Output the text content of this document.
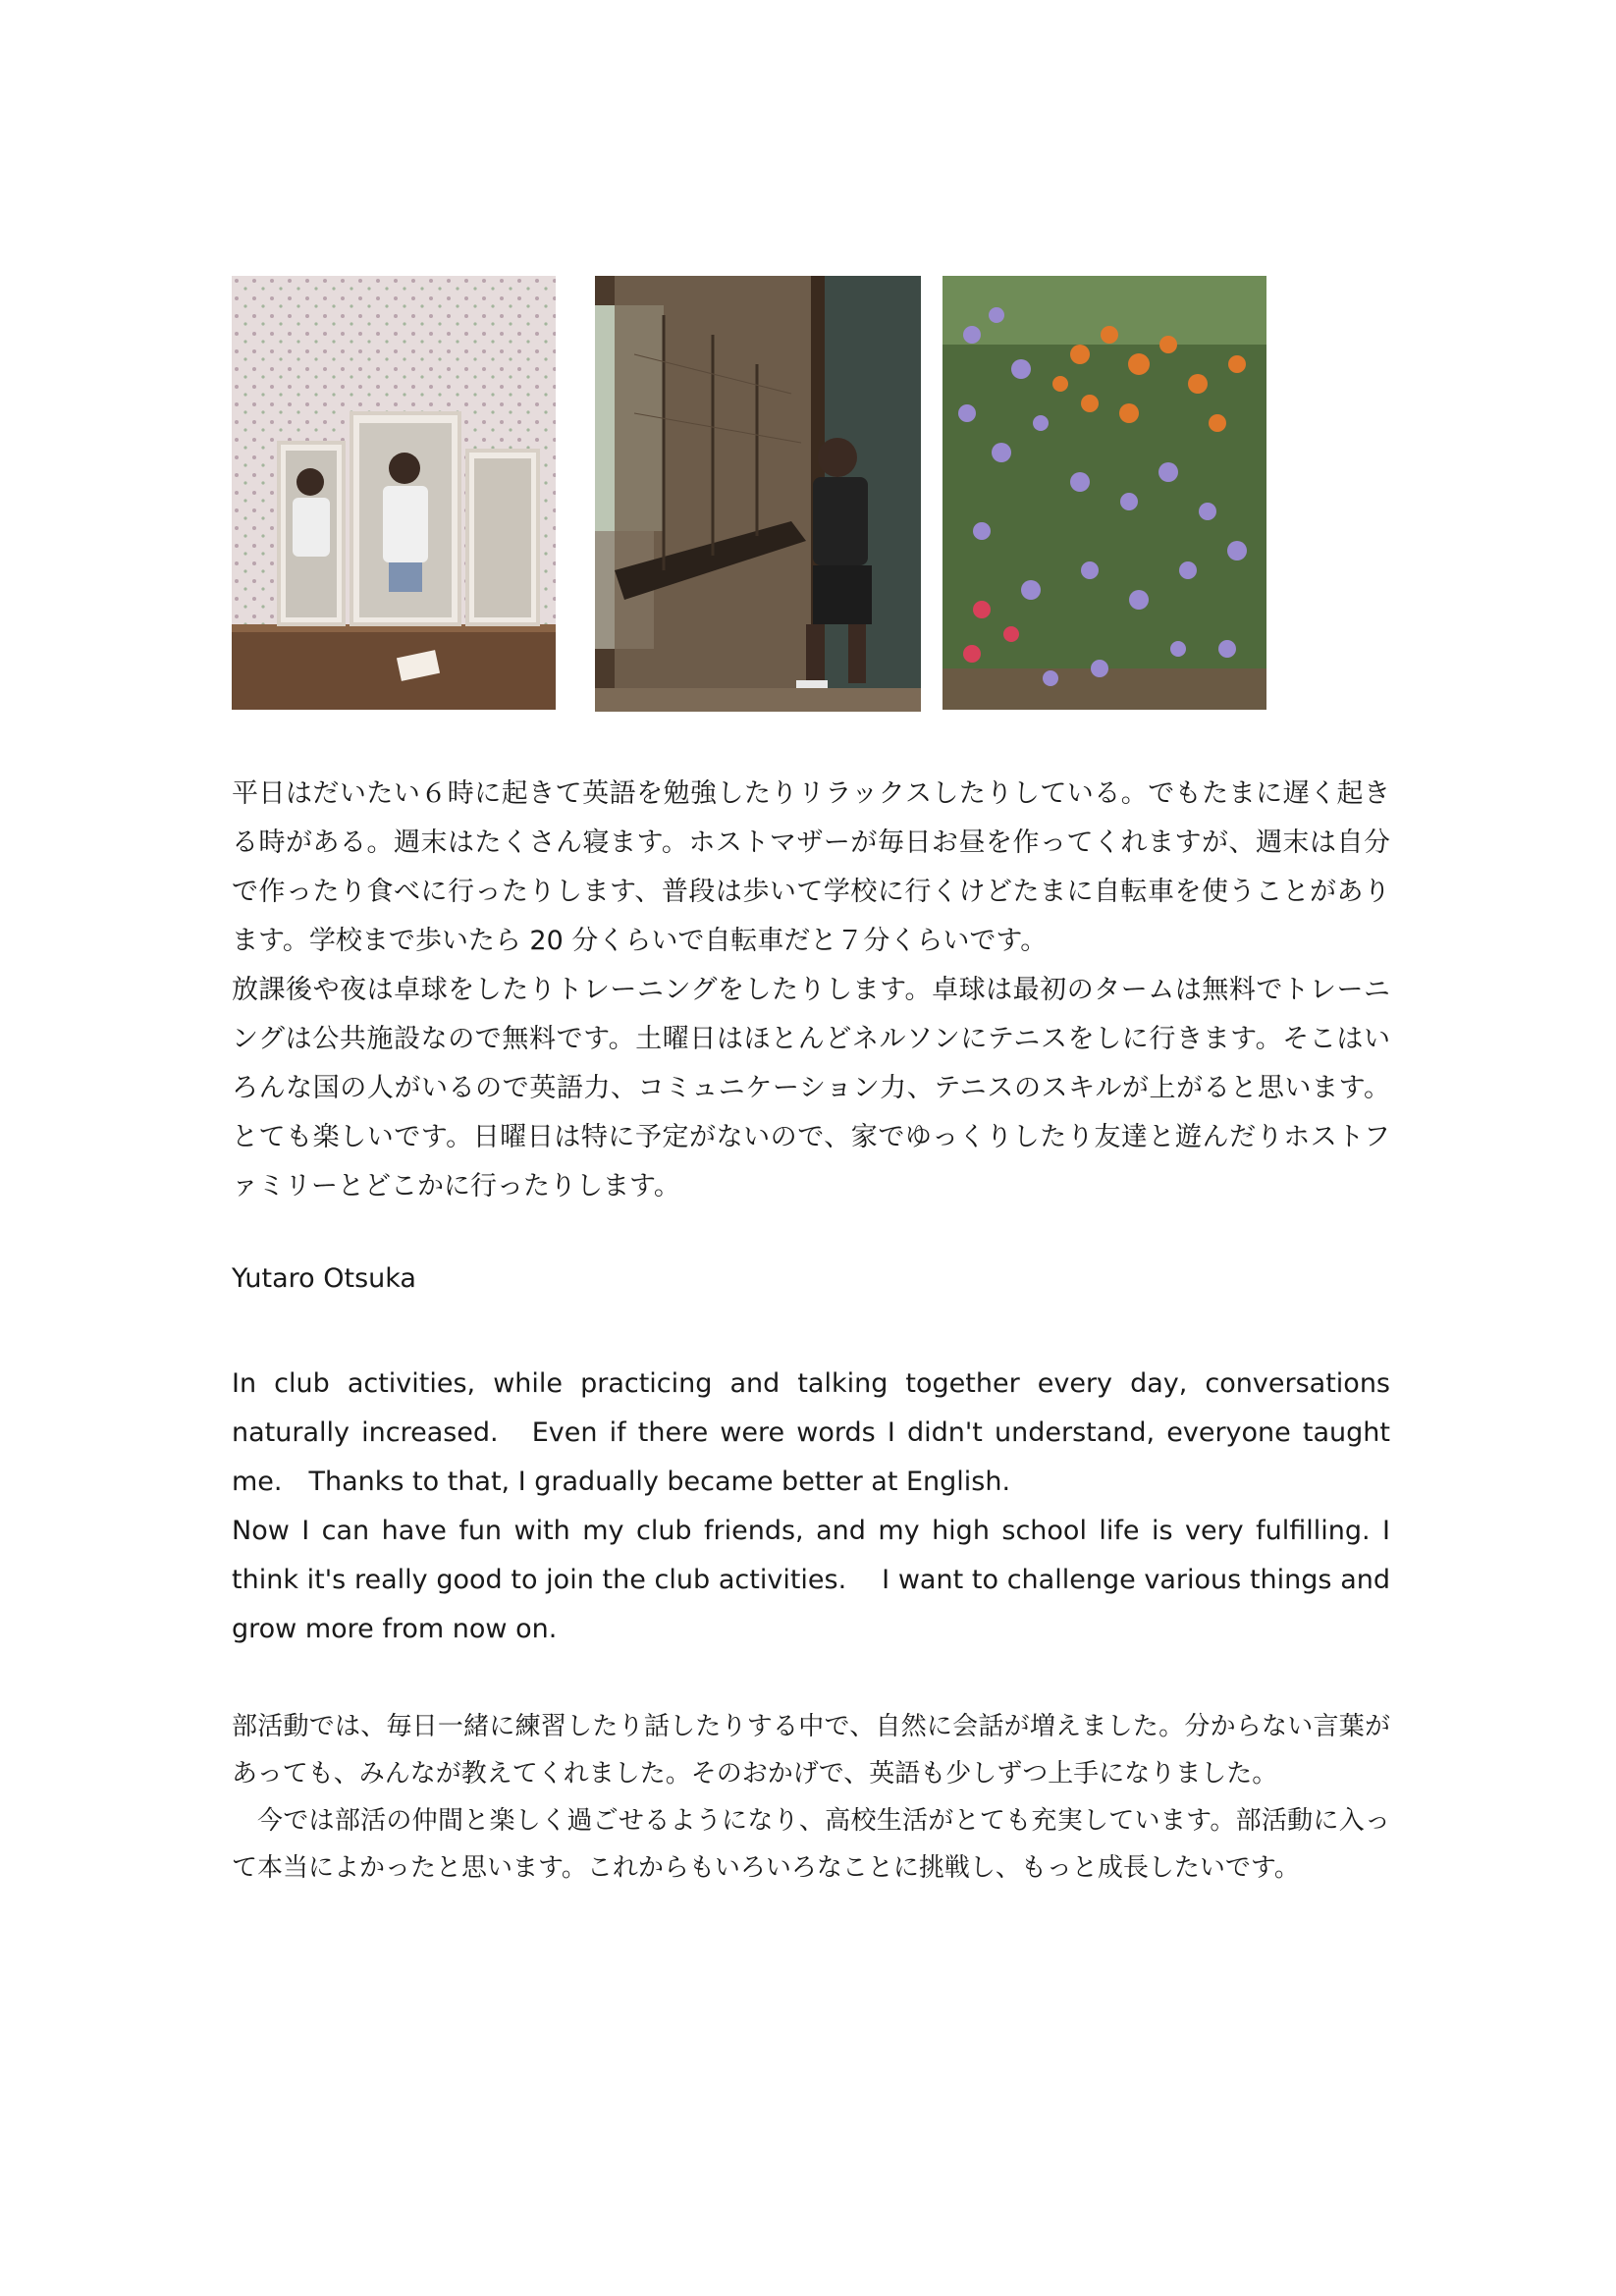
平日はだいたい６時に起きて英語を勉強したりリラックスしたりしている。でもたまに遅く起きる時がある。週末はたくさん寝ます。ホストマザーが毎日お昼を作ってくれますが、週末は自分で作ったり食べに行ったりします、普段は歩いて学校に行くけどたまに自転車を使うことがあります。学校まで歩いたら 20 分くらいで自転車だと７分くらいです。

放課後や夜は卓球をしたりトレーニングをしたりします。卓球は最初のタームは無料でトレーニングは公共施設なので無料です。土曜日はほとんどネルソンにテニスをしに行きます。そこはいろんな国の人がいるので英語力、コミュニケーション力、テニスのスキルが上がると思います。とても楽しいです。日曜日は特に予定がないので、家でゆっくりしたり友達と遊んだりホストファミリーとどこかに行ったりします。

Yutaro Otsuka

In club activities, while practicing and talking together every day, conversations naturally increased.　Even if there were words I didn't understand, everyone taught me.　Thanks to that, I gradually became better at English.

Now I can have fun with my club friends, and my high school life is very fulfilling. I think it's really good to join the club activities.　 I want to challenge various things and grow more from now on.

部活動では、毎日一緒に練習したり話したりする中で、自然に会話が増えました。分からない言葉があっても、みんなが教えてくれました。そのおかげで、英語も少しずつ上手になりました。

今では部活の仲間と楽しく過ごせるようになり、高校生活がとても充実しています。部活動に入って本当によかったと思います。これからもいろいろなことに挑戦し、もっと成長したいです。
